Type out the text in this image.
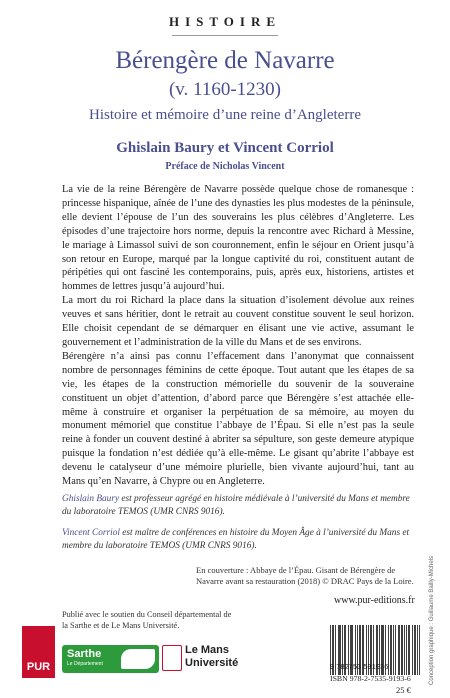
HISTOIRE
Bérengère de Navarre
(v. 1160-1230)
Histoire et mémoire d’une reine d’Angleterre
Ghislain Baury et Vincent Corriol
Préface de Nicholas Vincent

La vie de la reine Bérengère de Navarre possède quelque chose de romanesque : princesse hispanique, aînée de l’une des dynasties les plus modestes de la péninsule, elle devient l’épouse de l’un des souverains les plus célèbres d’Angleterre. Les épisodes d’une trajectoire hors norme, depuis la rencontre avec Richard à Messine, le mariage à Limassol suivi de son couronnement, enfin le séjour en Orient jusqu’à son retour en Europe, marqué par la longue captivité du roi, constituent autant de péripéties qui ont fasciné les contemporains, puis, après eux, historiens, artistes et hommes de lettres jusqu’à aujourd’hui.

La mort du roi Richard la place dans la situation d’isolement dévolue aux reines veuves et sans héritier, dont le retrait au couvent constitue souvent le seul horizon. Elle choisit cependant de se démarquer en élisant une vie active, assumant le gouvernement et l’administration de la ville du Mans et de ses environs.

Bérengère n’a ainsi pas connu l’effacement dans l’anonymat que connaissent nombre de personnages féminins de cette époque. Tout autant que les étapes de sa vie, les étapes de la construction mémorielle du souvenir de la souveraine constituent un objet d’attention, d’abord parce que Bérengère s’est attachée elle-même à construire et organiser la perpétuation de sa mémoire, au moyen du monument mémoriel que constitue l’abbaye de l’Épau. Si elle n’est pas la seule reine à fonder un couvent destiné à abriter sa sépulture, son geste demeure atypique puisque la fondation n’est dédiée qu’à elle-même. Le gisant qu’abrite l’abbaye est devenu le catalyseur d’une mémoire plurielle, bien vivante aujourd’hui, tant au Mans qu’en Navarre, à Chypre ou en Angleterre.

Ghislain Baury est professeur agrégé en histoire médiévale à l’université du Mans et membre du laboratoire TEMOS (UMR CNRS 9016).
Vincent Corriol est maître de conférences en histoire du Moyen Âge à l’université du Mans et membre du laboratoire TEMOS (UMR CNRS 9016).
En couverture : Abbaye de l’Épau. Gisant de Bérengère de Navarre avant sa restauration (2018) © DRAC Pays de la Loire.
www.pur-editions.fr
Publié avec le soutien du Conseil départemental de la Sarthe et de Le Mans Université.
PUR
Sarthe
Le Département
Le Mans
Université	9 782753 591936
ISBN 978-2-7535-9193-6
25 €
Conception graphique : Guillaume Bailly-Michels
